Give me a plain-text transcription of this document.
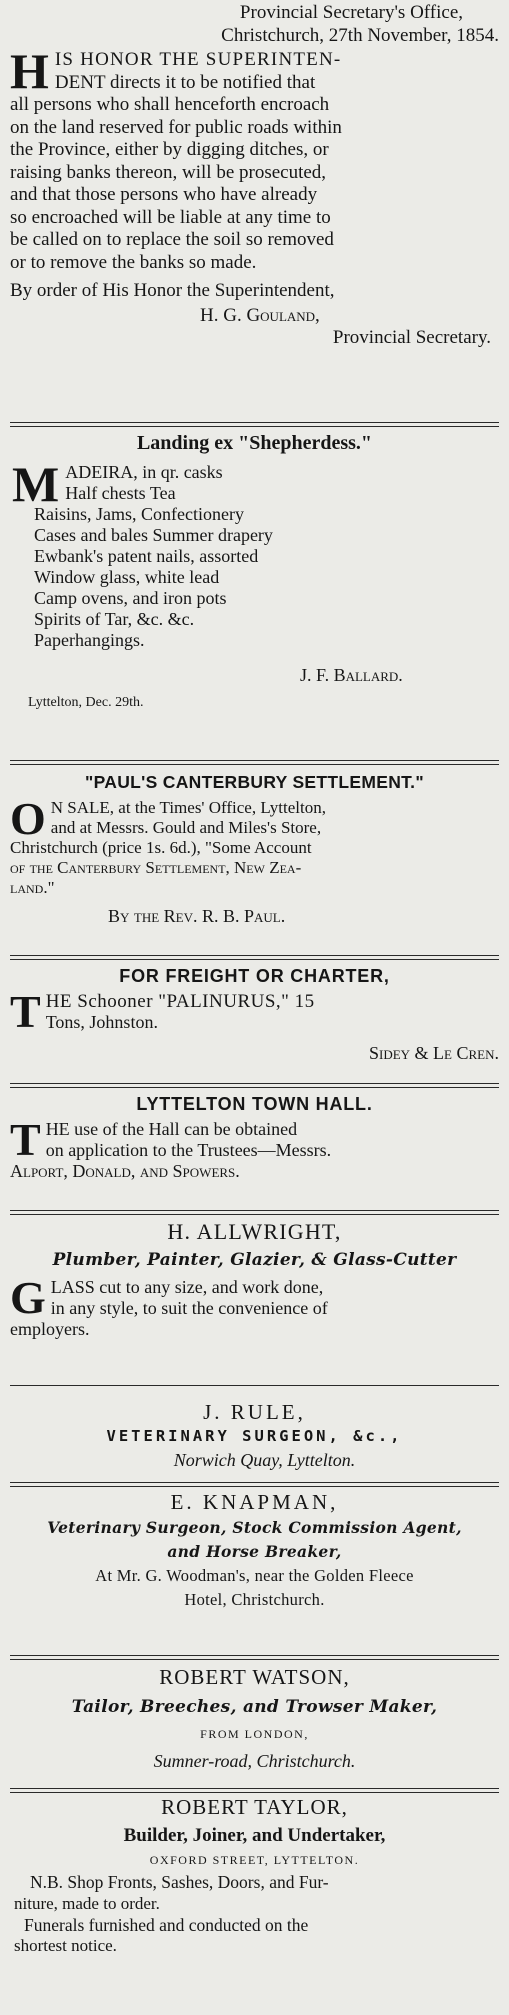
Provincial Secretary's Office,
Christchurch, 27th November, 1854.
H IS HONOR THE SUPERINTEN-
DENT directs it to be notified that
all persons who shall henceforth encroach
on the land reserved for public roads within
the Province, either by digging ditches, or
raising banks thereon, will be prosecuted,
and that those persons who have already
so encroached will be liable at any time to
be called on to replace the soil so removed
or to remove the banks so made.
By order of His Honor the Superintendent,
H. G. Gouland,
Provincial Secretary.
Landing ex "Shepherdess."
M ADEIRA, in qr. casks
Half chests Tea
Raisins, Jams, Confectionery
Cases and bales Summer drapery
Ewbank's patent nails, assorted
Window glass, white lead
Camp ovens, and iron pots
Spirits of Tar, &c. &c.
Paperhangings.
J. F. Ballard.
Lyttelton, Dec. 29th.
"PAUL'S CANTERBURY SETTLEMENT."
O N SALE, at the Times' Office, Lyttelton,
and at Messrs. Gould and Miles's Store,
Christchurch (price 1s. 6d.), "Some Account
of the Canterbury Settlement, New Zea-
land."
By the Rev. R. B. Paul.
FOR FREIGHT OR CHARTER,
T HE Schooner "PALINURUS," 15
Tons, Johnston.
Sidey & Le Cren.
LYTTELTON TOWN HALL.
T HE use of the Hall can be obtained
on application to the Trustees—Messrs.
Alport, Donald, and Spowers.
H. ALLWRIGHT,
Plumber, Painter, Glazier, & Glass-Cutter
G LASS cut to any size, and work done,
in any style, to suit the convenience of
employers.
J. RULE,
VETERINARY SURGEON, &c.,
Norwich Quay, Lyttelton.
E. KNAPMAN,
Veterinary Surgeon, Stock Commission Agent,
and Horse Breaker,
At Mr. G. Woodman's, near the Golden Fleece
Hotel, Christchurch.
ROBERT WATSON,
Tailor, Breeches, and Trowser Maker,
FROM LONDON,
Sumner-road, Christchurch.
ROBERT TAYLOR,
Builder, Joiner, and Undertaker,
OXFORD STREET, LYTTELTON.
N.B. Shop Fronts, Sashes, Doors, and Fur-
niture, made to order.
Funerals furnished and conducted on the
shortest notice.
